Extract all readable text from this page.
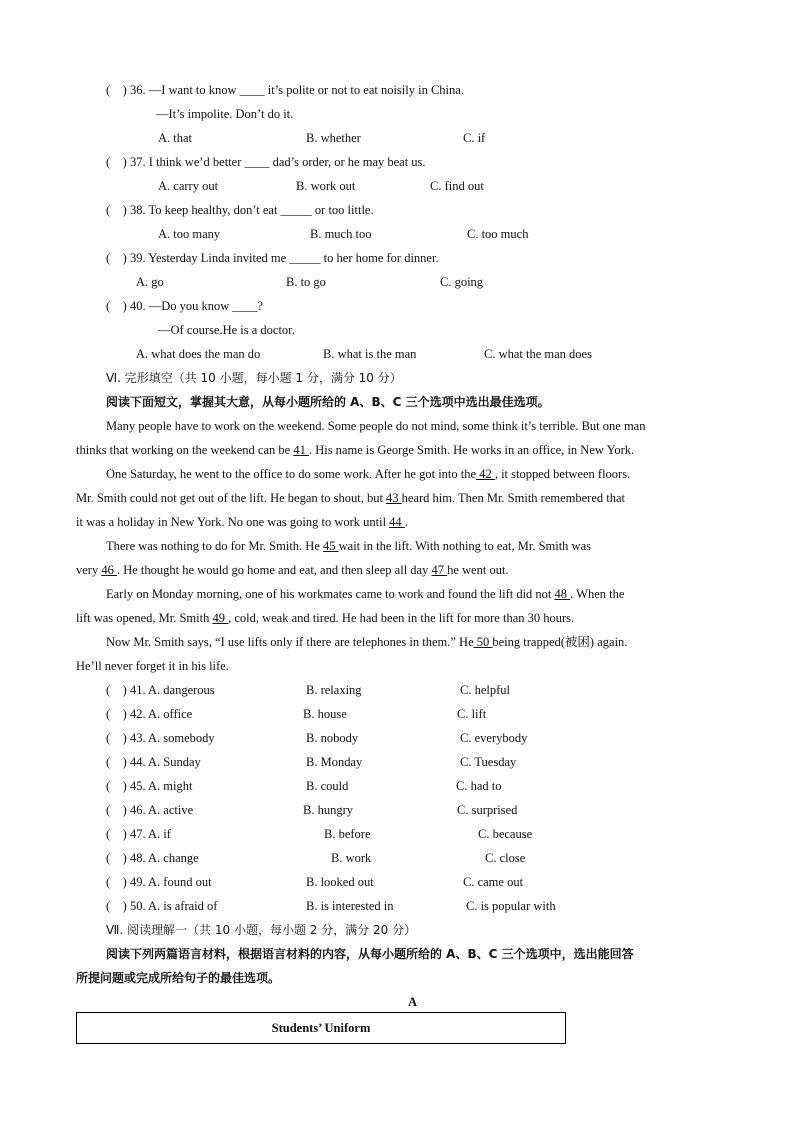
(　) 36. —I want to know ____ it’s polite or not to eat noisily in China.
—It’s impolite. Don’t do it.
A. that	B. whether	C. if
(　) 37. I think we’d better ____ dad’s order, or he may beat us.
A. carry out	B. work out	C. find out
(　) 38. To keep healthy, don’t eat _____ or too little.
A. too many	B. much too	C. too much
(　) 39. Yesterday Linda invited me _____ to her home for dinner.
A. go	B. to go	C. going
(　) 40. —Do you know ____?
—Of course.He is a doctor.
A. what does the man do	B. what is the man	C. what the man does
Ⅵ. 完形填空（共 10 小题，每小题 1 分，满分 10 分）
阅读下面短文，掌握其大意，从每小题所给的 A、B、C 三个选项中选出最佳选项。
Many people have to work on the weekend. Some people do not mind, some think it’s terrible. But one man
thinks that working on the weekend can be 41 . His name is George Smith. He works in an office, in New York.
One Saturday, he went to the office to do some work. After he got into the 42 , it stopped between floors.
Mr. Smith could not get out of the lift. He began to shout, but 43 heard him. Then Mr. Smith remembered that
it was a holiday in New York. No one was going to work until 44 .
There was nothing to do for Mr. Smith. He 45 wait in the lift. With nothing to eat, Mr. Smith was
very 46 . He thought he would go home and eat, and then sleep all day 47 he went out.
Early on Monday morning, one of his workmates came to work and found the lift did not 48 . When the
lift was opened, Mr. Smith 49 , cold, weak and tired. He had been in the lift for more than 30 hours.
Now Mr. Smith says, “I use lifts only if there are telephones in them.” He 50 being trapped(被困) again.
He’ll never forget it in his life.
(　) 41. A. dangerous	B. relaxing	C. helpful
(　) 42. A. office	B. house	C. lift
(　) 43. A. somebody	B. nobody	C. everybody
(　) 44. A. Sunday	B. Monday	C. Tuesday
(　) 45. A. might	B. could	C. had to
(　) 46. A. active	B. hungry	C. surprised
(　) 47. A. if	B. before	C. because
(　) 48. A. change	B. work	C. close
(　) 49. A. found out	B. looked out	C. came out
(　) 50. A. is afraid of	B. is interested in	C. is popular with
Ⅶ. 阅读理解一（共 10 小题，每小题 2 分，满分 20 分）
阅读下列两篇语言材料，根据语言材料的内容，从每小题所给的 A、B、C 三个选项中，选出能回答
所提问题或完成所给句子的最佳选项。
A
Students’ Uniform
